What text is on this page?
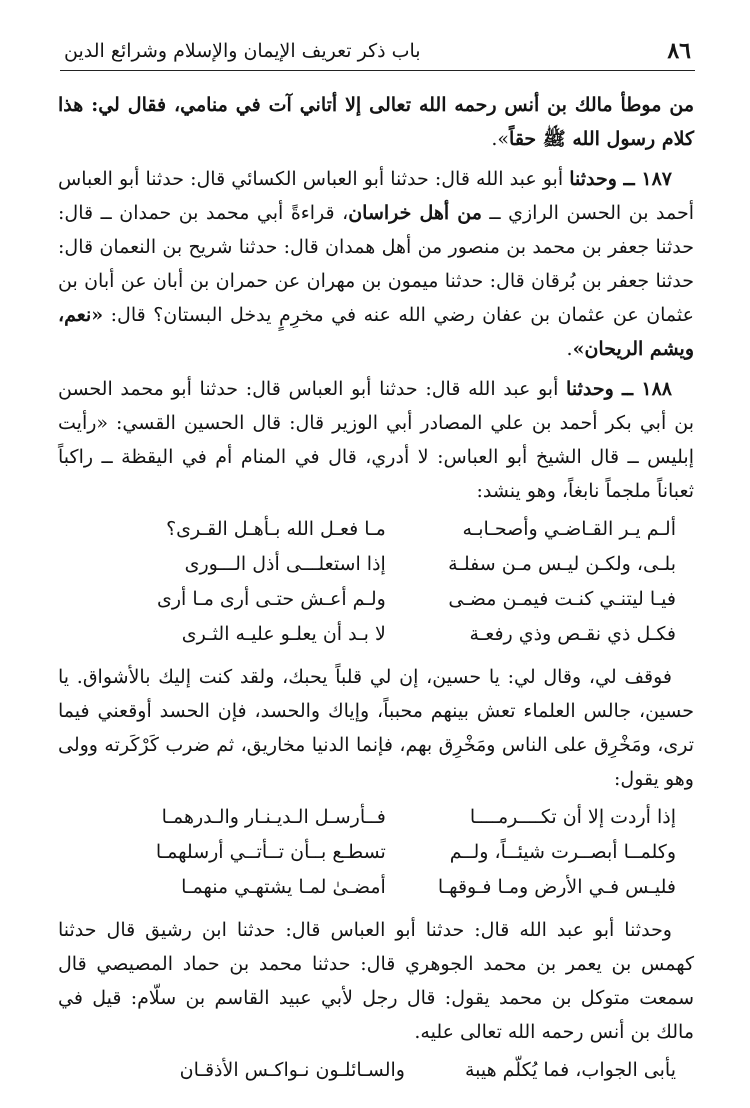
٨٦
باب ذكر تعريف الإيمان والإسلام وشرائع الدين

من موطأ مالك بن أنس رحمه الله تعالى إلا أتاني آت في منامي، فقال لي: هذا كلام رسول الله ﷺ حقاً».

١٨٧ ــ وحدثنا أبو عبد الله قال: حدثنا أبو العباس الكسائي قال: حدثنا أبو العباس أحمد بن الحسن الرازي ــ من أهل خراسان، قراءةً أبي محمد بن حمدان ــ قال: حدثنا جعفر بن محمد بن منصور من أهل همدان قال: حدثنا شريح بن النعمان قال: حدثنا جعفر بن بُرقان قال: حدثنا ميمون بن مهران عن حمران بن أبان عن أبان بن عثمان عن عثمان بن عفان رضي الله عنه في مخرِمٍ يدخل البستان؟ قال: «نعم، ويشم الريحان».

١٨٨ ــ وحدثنا أبو عبد الله قال: حدثنا أبو العباس قال: حدثنا أبو محمد الحسن بن أبي بكر أحمد بن علي المصادر أبي الوزير قال: قال الحسين القسي: «رأيت إبليس ــ قال الشيخ أبو العباس: لا أدري، قال في المنام أم في اليقظة ــ راكباً ثعباناً ملجماً نابغاً، وهو ينشد:

ألـم يـر القـاضـي وأصحـابـه
مـا فعـل الله بـأهـل القـرى؟
بلـى، ولكـن ليـس مـن سفلـة
إذا استعلـــى أذل الـــورى
فيـا ليتنـي كنـت فيمـن مضـى
ولـم أعـش حتـى أرى مـا أرى
فكـل ذي نقـص وذي رفعـة
لا بـد أن يعلـو عليـه الثـرى

فوقف لي، وقال لي: يا حسين، إن لي قلباً يحبك، ولقد كنت إليك بالأشواق. يا حسين، جالس العلماء تعش بينهم محبباً، وإياك والحسد، فإن الحسد أوقعني فيما ترى، ومَخْرِق على الناس ومَخْرِق بهم، فإنما الدنيا مخاريق، ثم ضرب كَرْكَرته وولى وهو يقول:

إذا أردت إلا أن تكــــرمــــا
فــأرسـل الـديـنـار والـدرهمـا
وكلمــا أبصــرت شيئــاً، ولــم
تسطـع بــأن تــأتــي أرسلهمـا
فليـس فـي الأرض ومـا فـوقهـا
أمضـىٰ لمـا يشتهـي منهمـا

وحدثنا أبو عبد الله قال: حدثنا أبو العباس قال: حدثنا ابن رشيق قال حدثنا كهمس بن يعمر بن محمد الجوهري قال: حدثنا محمد بن حماد المصيصي قال سمعت متوكل بن محمد يقول: قال رجل لأبي عبيد القاسم بن سلّام: قيل في مالك بن أنس رحمه الله تعالى عليه.

يأبى الجواب، فما يُكلّم هيبة
والسـائلـون نـواكـس الأذقـان
